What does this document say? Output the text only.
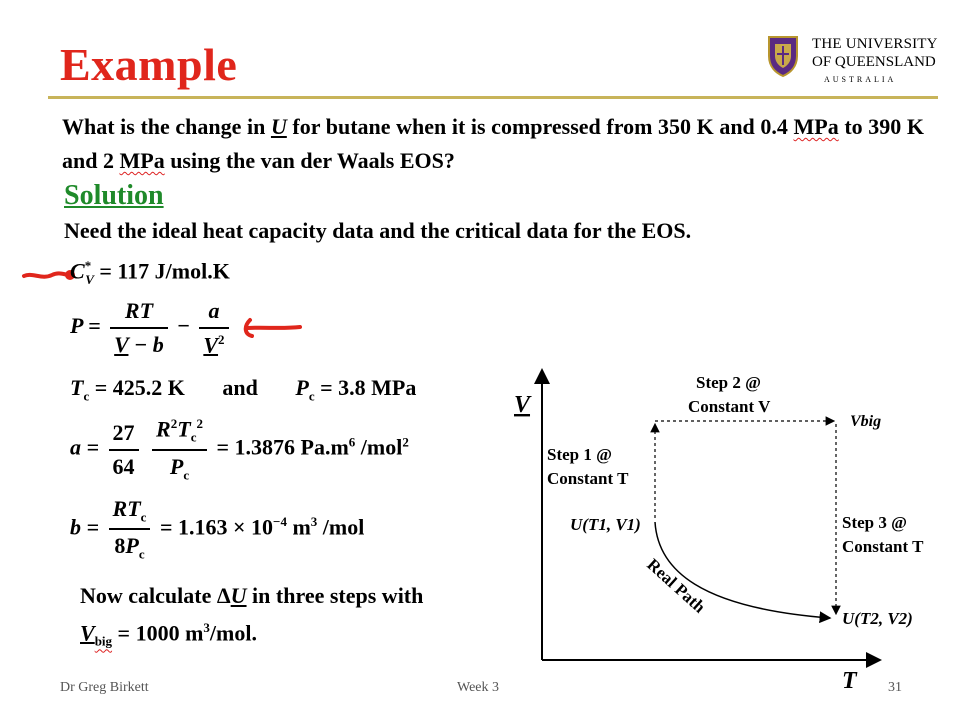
Example	THE UNIVERSITY
OF QUEENSLAND
AUSTRALIA
What is the change in U for butane when it is compressed from 350 K and 0.4 MPa to 390 K and 2 MPa using the van der Waals EOS?
Solution
Need the ideal heat capacity data and the critical data for the EOS.
$C^*_V = 117$ J/mol.K
$P = \frac{RT}{V - b} - \frac{a}{V^2}$
$T_c = 425.2$ K and $P_c = 3.8$ MPa
$a = \frac{27}{64}$
$\frac{R^2T_c^2}{P_c} = 1.3876$ $Pa.m^6$ /mol$^2$
$b = \frac{RT_c}{8P_c} = 1.163 \times 10^{-4}$ $m^3$ /mol
Now calculate ΔU in three steps with
$V_{big} = 1000$ $m^3$/mol.
V
T
Step 2 @
Constant V
Vbig
Step 1 @
Constant T
U(T1, V1)	Step 3 @
Constant T
U(T2, V2)
Real Path
Dr Greg Birkett	Week 3	31
